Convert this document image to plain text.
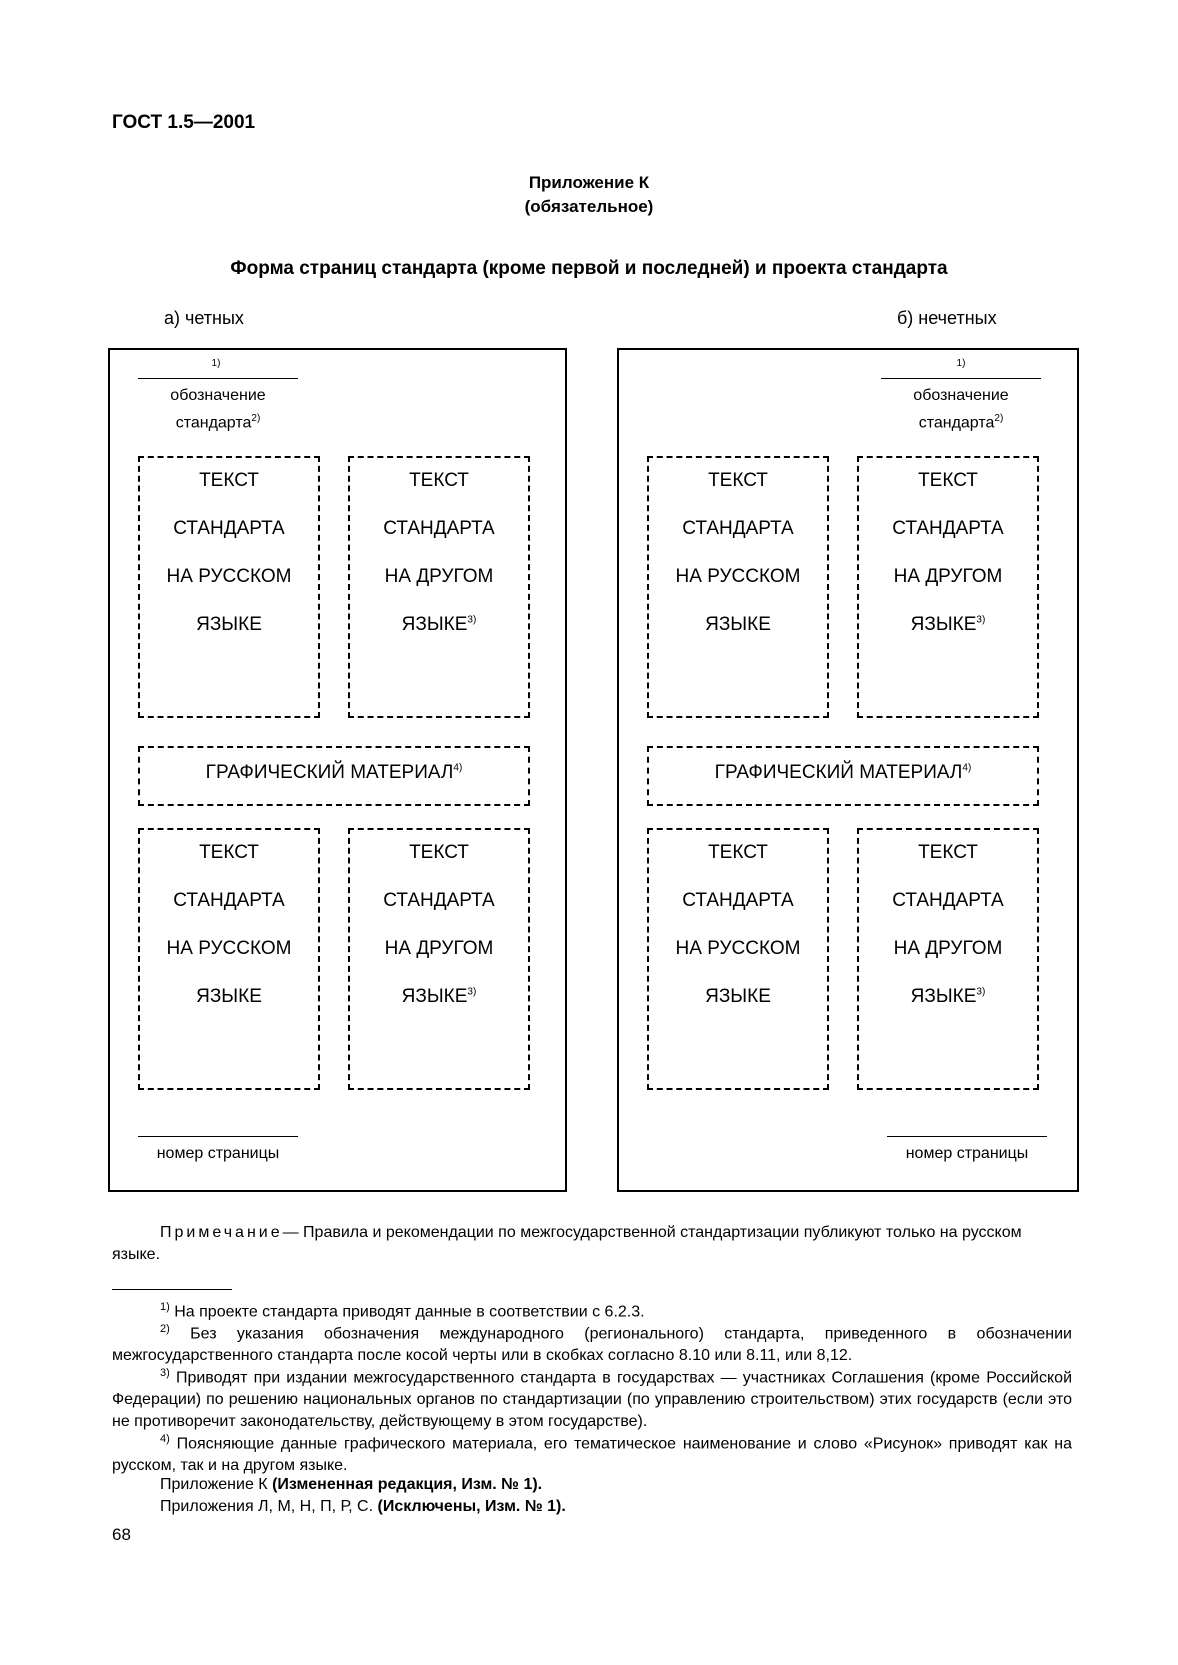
ГОСТ 1.5—2001
Приложение К
(обязательное)
Форма страниц стандарта (кроме первой и последней) и проекта стандарта
а) четных	б) нечетных
1)
обозначение
стандарта$^{2)}$
ТЕКСТ
СТАНДАРТА
НА РУССКОМ
ЯЗЫКЕ
ТЕКСТ
СТАНДАРТА
НА ДРУГОМ
ЯЗЫКЕ$^{3)}$
ГРАФИЧЕСКИЙ МАТЕРИАЛ$^{4)}$
ТЕКСТ
СТАНДАРТА
НА РУССКОМ
ЯЗЫКЕ
ТЕКСТ
СТАНДАРТА
НА ДРУГОМ
ЯЗЫКЕ$^{3)}$
номер страницы
1)
обозначение
стандарта$^{2)}$
ТЕКСТ
СТАНДАРТА
НА РУССКОМ
ЯЗЫКЕ
ТЕКСТ
СТАНДАРТА
НА ДРУГОМ
ЯЗЫКЕ$^{3)}$
ГРАФИЧЕСКИЙ МАТЕРИАЛ$^{4)}$
ТЕКСТ
СТАНДАРТА
НА РУССКОМ
ЯЗЫКЕ
ТЕКСТ
СТАНДАРТА
НА ДРУГОМ
ЯЗЫКЕ$^{3)}$
номер страницы
Примечание— Правила и рекомендации по межгосударственной стандартизации публикуют только на русском языке.
$^{1)}$ На проекте стандарта приводят данные в соответствии с 6.2.3.
$^{2)}$ Без указания обозначения международного (регионального) стандарта, приведенного в обозначении межгосударственного стандарта после косой черты или в скобках согласно 8.10 или 8.11, или 8,12.
$^{3)}$ Приводят при издании межгосударственного стандарта в государствах — участниках Соглашения (кроме Российской Федерации) по решению национальных органов по стандартизации (по управлению строительством) этих государств (если это не противоречит законодательству, действующему в этом государстве).
$^{4)}$ Поясняющие данные графического материала, его тематическое наименование и слово «Рисунок» приводят как на русском, так и на другом языке.
Приложение К (Измененная редакция, Изм. № 1).
Приложения Л, М, Н, П, Р, С. (Исключены, Изм. № 1).
68
